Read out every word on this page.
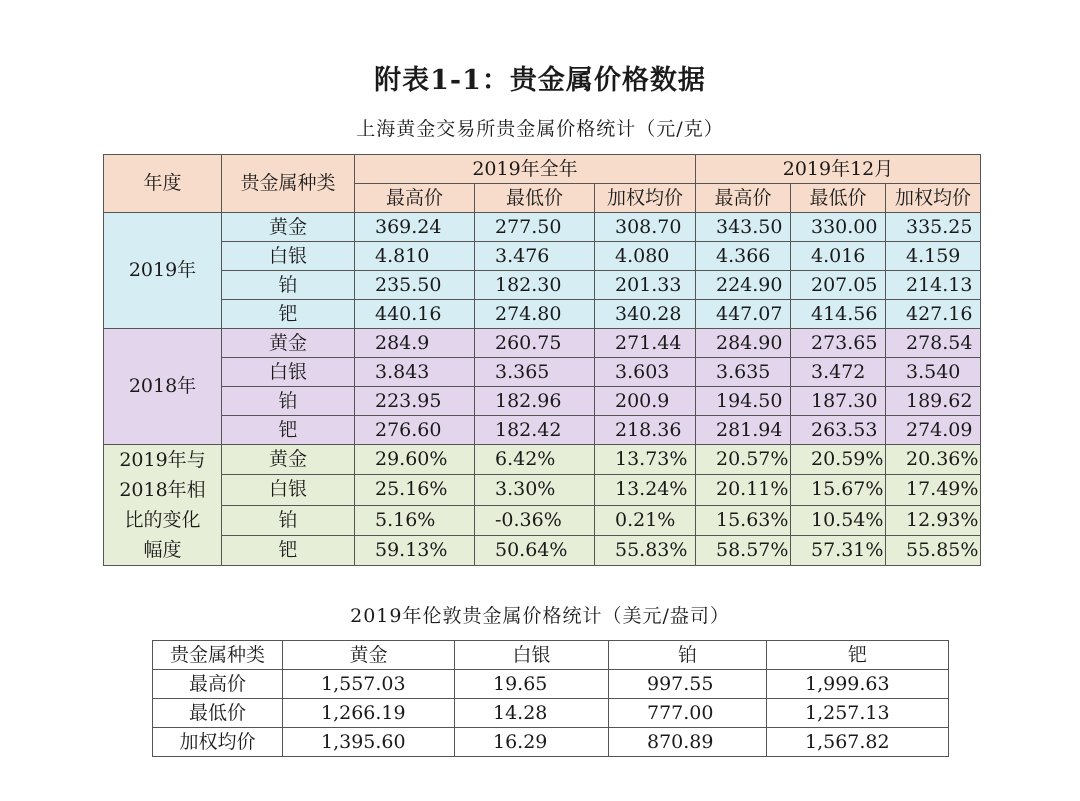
附表1-1：贵金属价格数据
上海黄金交易所贵金属价格统计（元/克）
年度	贵金属种类	2019年全年			2019年12月		
		最高价	最低价	加权均价	最高价	最低价	加权均价
2019年	黄金	369.24	277.50	308.70	343.50	330.00	335.25
	白银	4.810	3.476	4.080	4.366	4.016	4.159
	铂	235.50	182.30	201.33	224.90	207.05	214.13
	钯	440.16	274.80	340.28	447.07	414.56	427.16
2018年	黄金	284.9	260.75	271.44	284.90	273.65	278.54
	白银	3.843	3.365	3.603	3.635	3.472	3.540
	铂	223.95	182.96	200.9	194.50	187.30	189.62
	钯	276.60	182.42	218.36	281.94	263.53	274.09

2019年与
2018年相
比的变化
幅度	黄金	29.60%	6.42%	13.73%	20.57%	20.59%	20.36%
	白银	25.16%	3.30%	13.24%	20.11%	15.67%	17.49%
	铂	5.16%	-0.36%	0.21%	15.63%	10.54%	12.93%
	钯	59.13%	50.64%	55.83%	58.57%	57.31%	55.85%
2019年伦敦贵金属价格统计（美元/盎司）
贵金属种类	黄金	白银	铂	钯
最高价	1,557.03	19.65	997.55	1,999.63
最低价	1,266.19	14.28	777.00	1,257.13
加权均价	1,395.60	16.29	870.89	1,567.82
